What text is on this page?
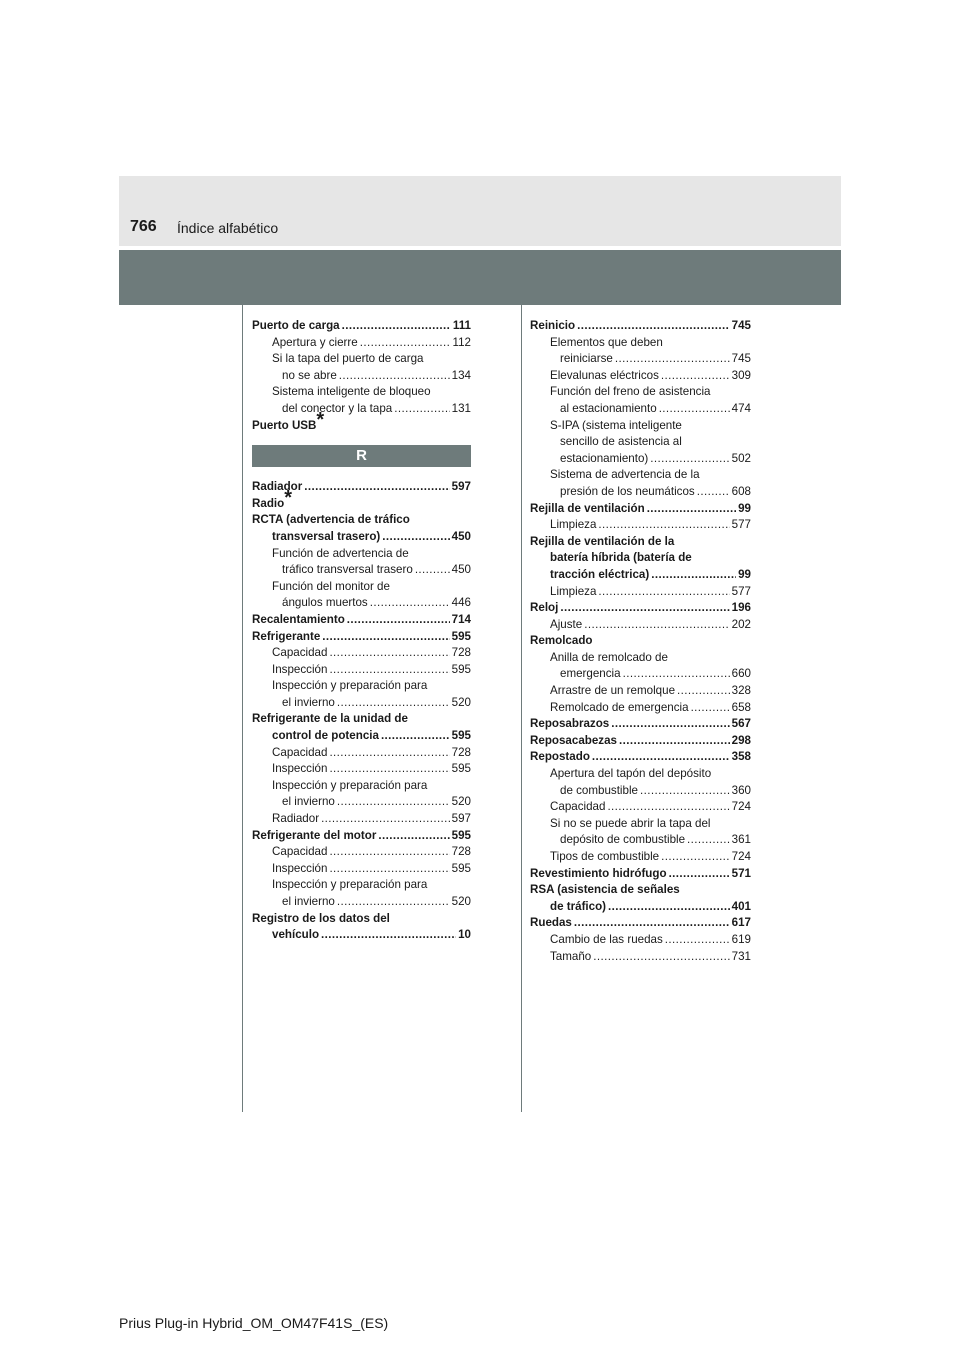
766 Índice alfabético
Puerto de carga .....	111
Apertura y cierre .....	112
Si la tapa del puerto de carga
no se abre .....	134
Sistema inteligente de bloqueo
del conector y la tapa .....	131
Puerto USB *
R
Radiador .....	597
Radio *
RCTA (advertencia de tráfico
transversal trasero) .....	450
Función de advertencia de
tráfico transversal trasero .....	450
Función del monitor de
ángulos muertos .....	446
Recalentamiento .....	714
Refrigerante .....	595
Capacidad .....	728
Inspección .....	595
Inspección y preparación para
el invierno .....	520
Refrigerante de la unidad de
control de potencia .....	595
Capacidad .....	728
Inspección .....	595
Inspección y preparación para
el invierno .....	520
Radiador .....	597
Refrigerante del motor .....	595
Capacidad .....	728
Inspección .....	595
Inspección y preparación para
el invierno .....	520
Registro de los datos del
vehículo .....	10
Reinicio .....	745
Elementos que deben
reiniciarse .....	745
Elevalunas eléctricos .....	309
Función del freno de asistencia
al estacionamiento .....	474
S-IPA (sistema inteligente
sencillo de asistencia al
estacionamiento) .....	502
Sistema de advertencia de la
presión de los neumáticos .....	608
Rejilla de ventilación .....	99
Limpieza .....	577
Rejilla de ventilación de la
batería híbrida (batería de
tracción eléctrica) .....	99
Limpieza .....	577
Reloj .....	196
Ajuste .....	202
Remolcado
Anilla de remolcado de
emergencia .....	660
Arrastre de un remolque .....	328
Remolcado de emergencia .....	658
Reposabrazos .....	567
Reposacabezas .....	298
Repostado .....	358
Apertura del tapón del depósito
de combustible .....	360
Capacidad .....	724
Si no se puede abrir la tapa del
depósito de combustible .....	361
Tipos de combustible .....	724
Revestimiento hidrófugo .....	571
RSA (asistencia de señales
de tráfico) .....	401
Ruedas .....	617
Cambio de las ruedas .....	619
Tamaño .....	731
Prius Plug-in Hybrid_OM_OM47F41S_(ES)
